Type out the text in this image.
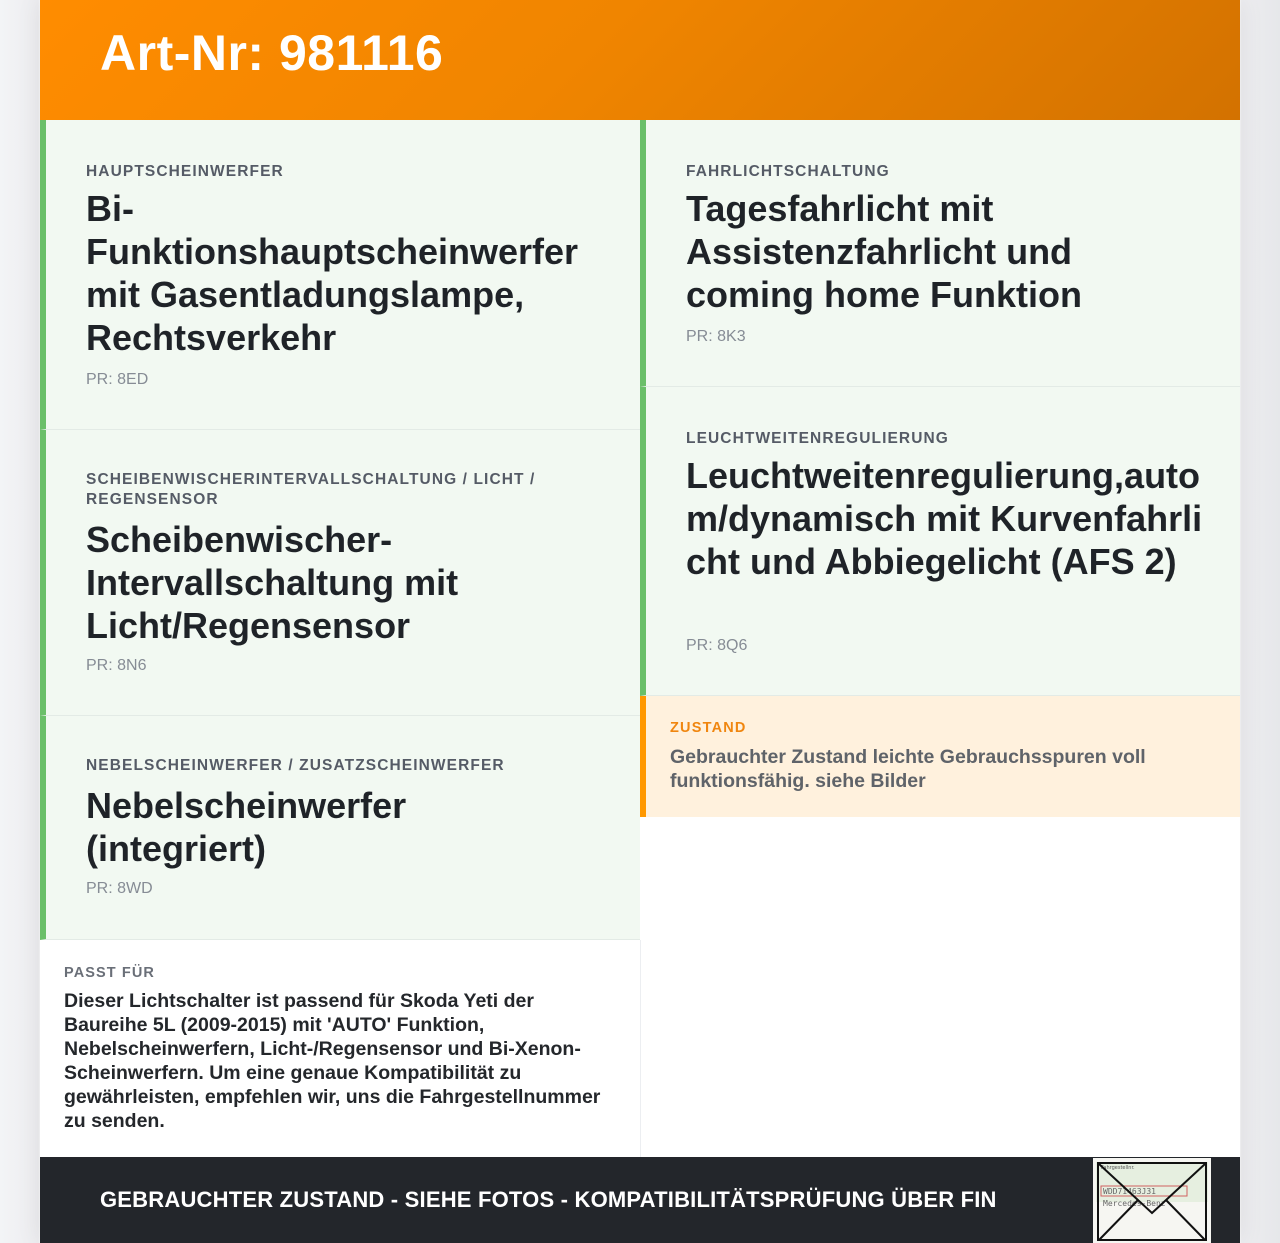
Art-Nr: 981116
HAUPTSCHEINWERFER
Bi-Funktionshauptscheinwerfer mit Gasentladungslampe, Rechtsverkehr
PR: 8ED
SCHEIBENWISCHERINTERVALLSCHALTUNG / LICHT / REGENSENSOR
Scheibenwischer-Intervallschaltung mit Licht/Regensensor
PR: 8N6
NEBELSCHEINWERFER / ZUSATZSCHEINWERFER
Nebelscheinwerfer (integriert)
PR: 8WD
FAHRLICHTSCHALTUNG
Tagesfahrlicht mit Assistenzfahrlicht und coming home Funktion
PR: 8K3
LEUCHTWEITENREGULIERUNG
Leuchtweitenregulierung,autom/dynamisch mit Kurvenfahrlicht und Abbiegelicht (AFS 2)
PR: 8Q6
ZUSTAND
Gebrauchter Zustand leichte Gebrauchsspuren voll funktionsfähig. siehe Bilder
PASST FÜR
Dieser Lichtschalter ist passend für Skoda Yeti der Baureihe 5L (2009-2015) mit 'AUTO' Funktion, Nebelscheinwerfern, Licht-/Regensensor und Bi-Xenon-Scheinwerfern. Um eine genaue Kompatibilität zu gewährleisten, empfehlen wir, uns die Fahrgestellnummer zu senden.
GEBRAUCHTER ZUSTAND - SIEHE FOTOS - KOMPATIBILITÄTSPRÜFUNG ÜBER FIN
Fahrgestellnr.
WDD71463J31
Mercedes-Benz
